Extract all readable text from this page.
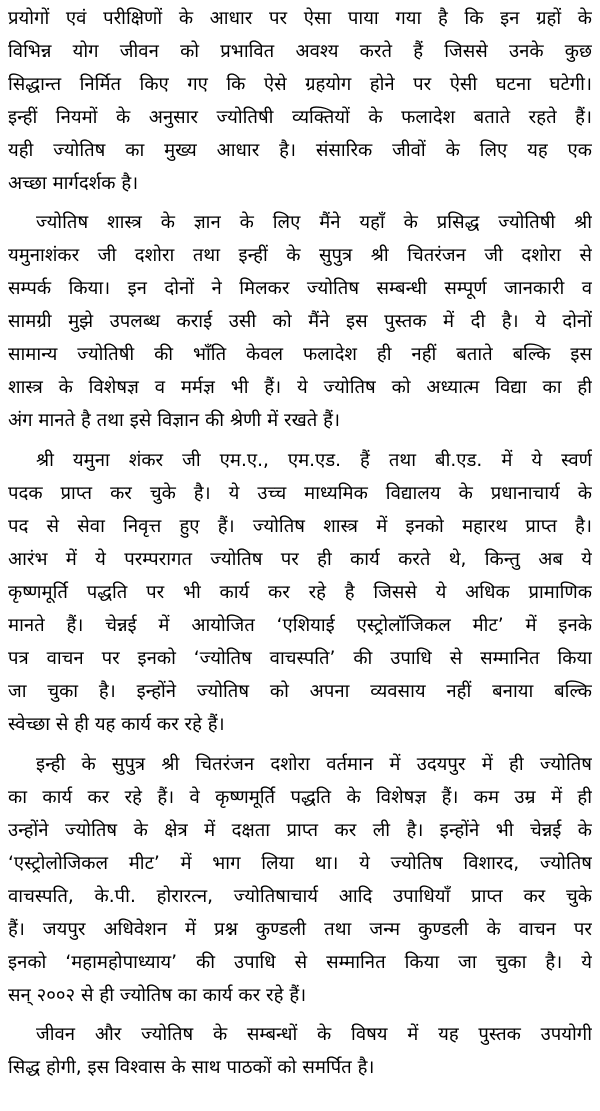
प्रयोगों एवं परीक्षिणों के आधार पर ऐसा पाया गया है कि इन ग्रहों के
विभिन्न योग जीवन को प्रभावित अवश्य करते हैं जिससे उनके कुछ
सिद्धान्त निर्मित किए गए कि ऐसे ग्रहयोग होने पर ऐसी घटना घटेगी।
इन्हीं नियमों के अनुसार ज्योतिषी व्यक्तियों के फलादेश बताते रहते हैं।
यही ज्योतिष का मुख्य आधार है। संसारिक जीवों के लिए यह एक
अच्छा मार्गदर्शक है।
ज्योतिष शास्त्र के ज्ञान के लिए मैंने यहाँ के प्रसिद्ध ज्योतिषी श्री
यमुनाशंकर जी दशोरा तथा इन्हीं के सुपुत्र श्री चितरंजन जी दशोरा से
सम्पर्क किया। इन दोनों ने मिलकर ज्योतिष सम्बन्धी सम्पूर्ण जानकारी व
सामग्री मुझे उपलब्ध कराई उसी को मैंने इस पुस्तक में दी है। ये दोनों
सामान्य ज्योतिषी की भाँति केवल फलादेश ही नहीं बताते बल्कि इस
शास्त्र के विशेषज्ञ व मर्मज्ञ भी हैं। ये ज्योतिष को अध्यात्म विद्या का ही
अंग मानते है तथा इसे विज्ञान की श्रेणी में रखते हैं।
श्री यमुना शंकर जी एम.ए., एम.एड. हैं तथा बी.एड. में ये स्वर्ण
पदक प्राप्त कर चुके है। ये उच्च माध्यमिक विद्यालय के प्रधानाचार्य के
पद से सेवा निवृत्त हुए हैं। ज्योतिष शास्त्र में इनको महारथ प्राप्त है।
आरंभ में ये परम्परागत ज्योतिष पर ही कार्य करते थे, किन्तु अब ये
कृष्णमूर्ति पद्धति पर भी कार्य कर रहे है जिससे ये अधिक प्रामाणिक
मानते हैं। चेन्नई में आयोजित ‘एशियाई एस्ट्रोलॉजिकल मीट’ में इनके
पत्र वाचन पर इनको ‘ज्योतिष वाचस्पति’ की उपाधि से सम्मानित किया
जा चुका है। इन्होंने ज्योतिष को अपना व्यवसाय नहीं बनाया बल्कि
स्वेच्छा से ही यह कार्य कर रहे हैं।
इन्ही के सुपुत्र श्री चितरंजन दशोरा वर्तमान में उदयपुर में ही ज्योतिष
का कार्य कर रहे हैं। वे कृष्णमूर्ति पद्धति के विशेषज्ञ हैं। कम उम्र में ही
उन्होंने ज्योतिष के क्षेत्र में दक्षता प्राप्त कर ली है। इन्होंने भी चेन्नई के
‘एस्ट्रोलोजिकल मीट’ में भाग लिया था। ये ज्योतिष विशारद, ज्योतिष
वाचस्पति, के.पी. होरारत्न, ज्योतिषाचार्य आदि उपाधियाँ प्राप्त कर चुके
हैं। जयपुर अधिवेशन में प्रश्न कुण्डली तथा जन्म कुण्डली के वाचन पर
इनको ‘महामहोपाध्याय’ की उपाधि से सम्मानित किया जा चुका है। ये
सन् २००२ से ही ज्योतिष का कार्य कर रहे हैं।
जीवन और ज्योतिष के सम्बन्धों के विषय में यह पुस्तक उपयोगी
सिद्ध होगी, इस विश्वास के साथ पाठकों को समर्पित है।
